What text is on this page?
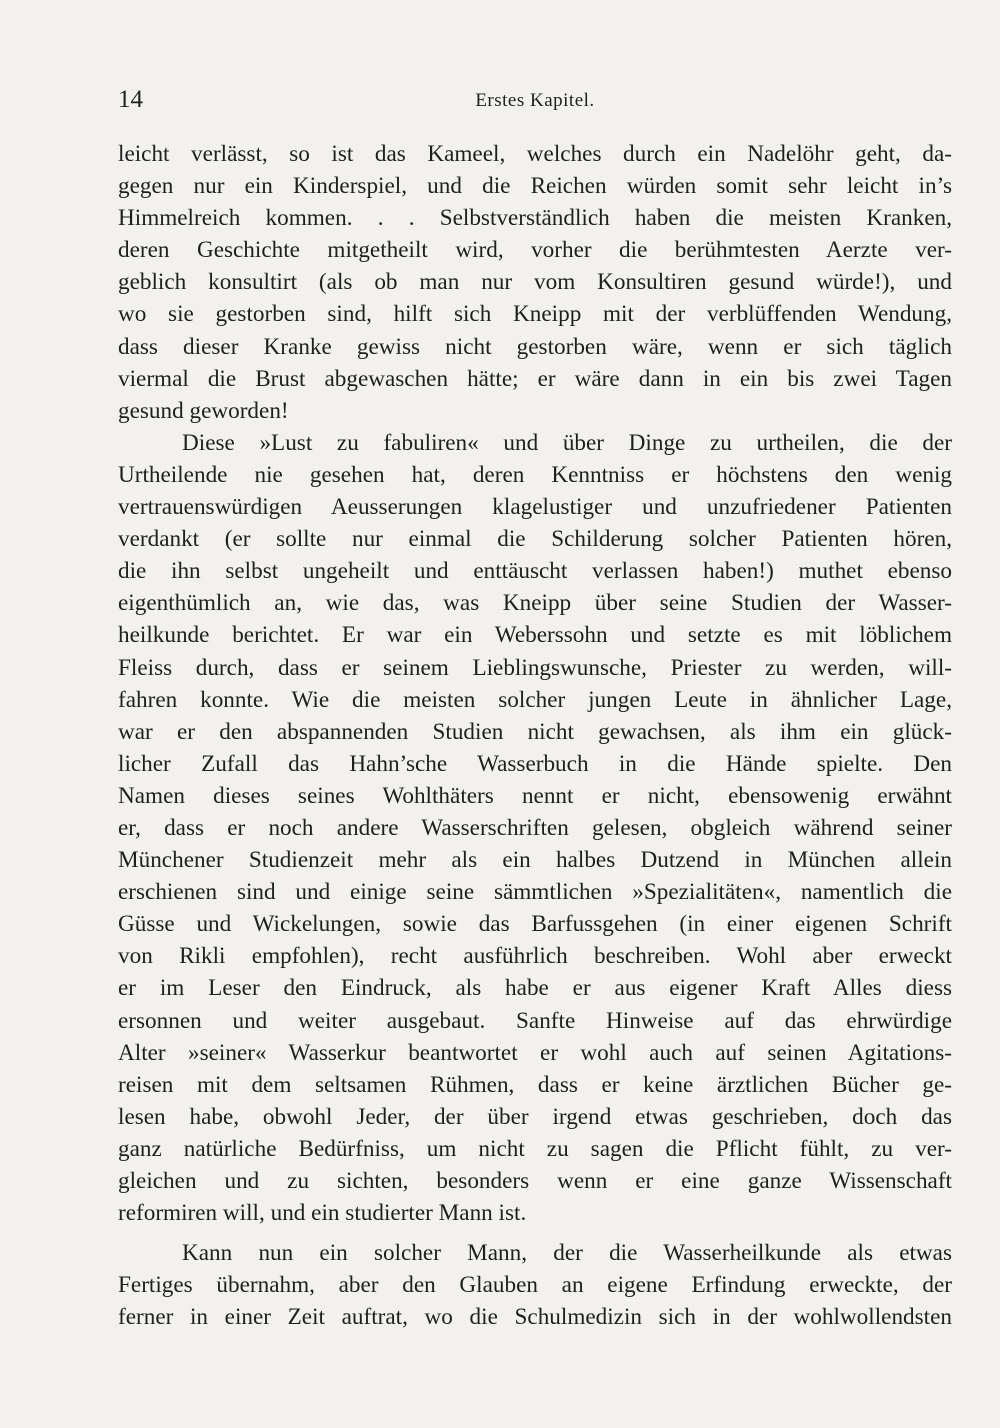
14	Erstes Kapitel.
leicht verlässt, so ist das Kameel, welches durch ein Nadelöhr geht, da-
gegen nur ein Kinderspiel, und die Reichen würden somit sehr leicht in’s
Himmelreich kommen. . . Selbstverständlich haben die meisten Kranken,
deren Geschichte mitgetheilt wird, vorher die berühmtesten Aerzte ver-
geblich konsultirt (als ob man nur vom Konsultiren gesund würde!), und
wo sie gestorben sind, hilft sich Kneipp mit der verblüffenden Wendung,
dass dieser Kranke gewiss nicht gestorben wäre, wenn er sich täglich
viermal die Brust abgewaschen hätte; er wäre dann in ein bis zwei Tagen
gesund geworden!
Diese »Lust zu fabuliren« und über Dinge zu urtheilen, die der
Urtheilende nie gesehen hat, deren Kenntniss er höchstens den wenig
vertrauenswürdigen Aeusserungen klagelustiger und unzufriedener Patienten
verdankt (er sollte nur einmal die Schilderung solcher Patienten hören,
die ihn selbst ungeheilt und enttäuscht verlassen haben!) muthet ebenso
eigenthümlich an, wie das, was Kneipp über seine Studien der Wasser-
heilkunde berichtet. Er war ein Weberssohn und setzte es mit löblichem
Fleiss durch, dass er seinem Lieblingswunsche, Priester zu werden, will-
fahren konnte. Wie die meisten solcher jungen Leute in ähnlicher Lage,
war er den abspannenden Studien nicht gewachsen, als ihm ein glück-
licher Zufall das Hahn’sche Wasserbuch in die Hände spielte. Den
Namen dieses seines Wohlthäters nennt er nicht, ebensowenig erwähnt
er, dass er noch andere Wasserschriften gelesen, obgleich während seiner
Münchener Studienzeit mehr als ein halbes Dutzend in München allein
erschienen sind und einige seine sämmtlichen »Spezialitäten«, namentlich die
Güsse und Wickelungen, sowie das Barfussgehen (in einer eigenen Schrift
von Rikli empfohlen), recht ausführlich beschreiben. Wohl aber erweckt
er im Leser den Eindruck, als habe er aus eigener Kraft Alles diess
ersonnen und weiter ausgebaut. Sanfte Hinweise auf das ehrwürdige
Alter »seiner« Wasserkur beantwortet er wohl auch auf seinen Agitations-
reisen mit dem seltsamen Rühmen, dass er keine ärztlichen Bücher ge-
lesen habe, obwohl Jeder, der über irgend etwas geschrieben, doch das
ganz natürliche Bedürfniss, um nicht zu sagen die Pflicht fühlt, zu ver-
gleichen und zu sichten, besonders wenn er eine ganze Wissenschaft
reformiren will, und ein studierter Mann ist.
Kann nun ein solcher Mann, der die Wasserheilkunde als etwas
Fertiges übernahm, aber den Glauben an eigene Erfindung erweckte, der
ferner in einer Zeit auftrat, wo die Schulmedizin sich in der wohlwollendsten
